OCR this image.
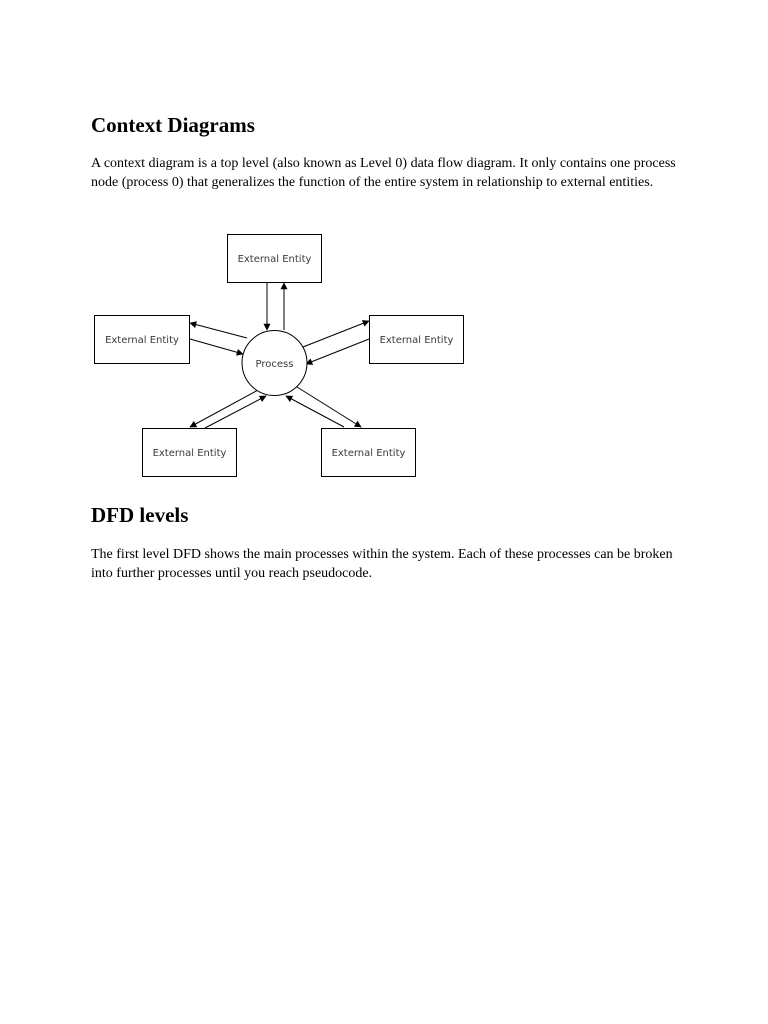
Context Diagrams

A context diagram is a top level (also known as Level 0) data flow diagram. It only contains one process node (process 0) that generalizes the function of the entire system in relationship to external entities.

Process
External Entity
External Entity	External Entity
External Entity	External Entity
DFD levels

The first level DFD shows the main processes within the system. Each of these processes can be broken into further processes until you reach pseudocode.
